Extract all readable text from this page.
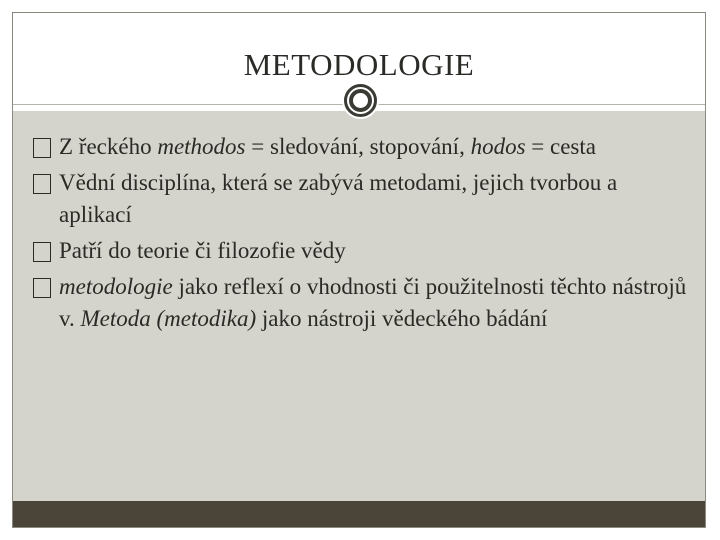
METODOLOGIE
Z řeckého methodos = sledování, stopování, hodos = cesta
Vědní disciplína, která se zabývá metodami, jejich tvorbou a aplikací
Patří do teorie či filozofie vědy
metodologie jako reflexí o vhodnosti či použitelnosti těchto nástrojů v. Metoda (metodika) jako nástroji vědeckého bádání
